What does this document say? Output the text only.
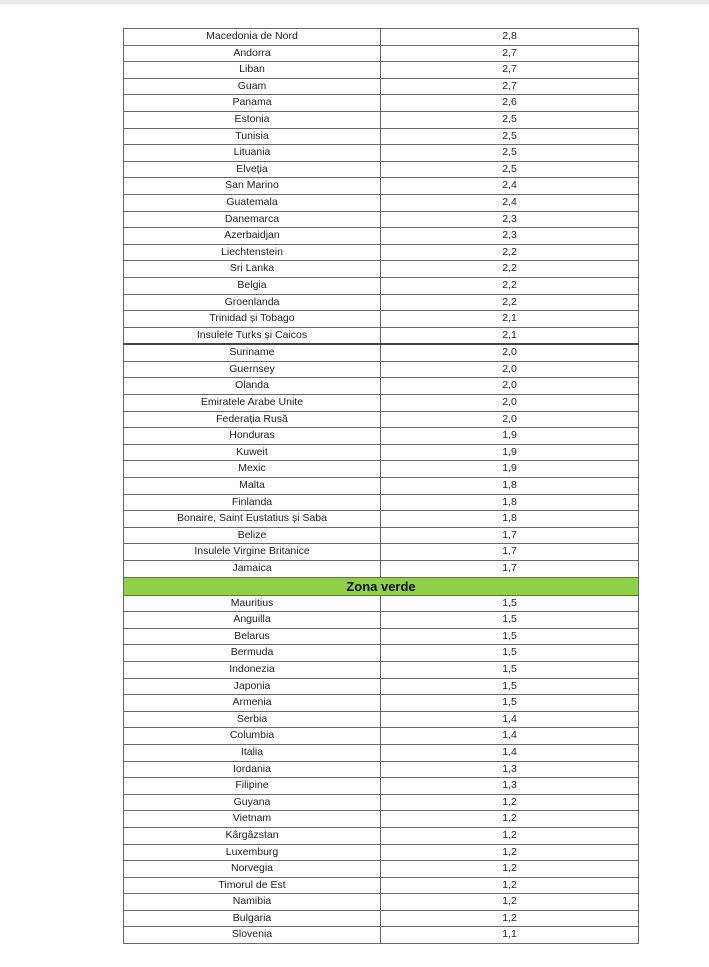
Macedonia de Nord	2,8
Andorra	2,7
Liban	2,7
Guam	2,7
Panama	2,6
Estonia	2,5
Tunisia	2,5
Lituania	2,5
Elveția	2,5
San Marino	2,4
Guatemala	2,4
Danemarca	2,3
Azerbaidjan	2,3
Liechtenstein	2,2
Sri Lanka	2,2
Belgia	2,2
Groenlanda	2,2
Trinidad și Tobago	2,1
Insulele Turks și Caicos	2,1
Suriname	2,0
Guernsey	2,0
Olanda	2,0
Emiratele Arabe Unite	2,0
Federația Rusă	2,0
Honduras	1,9
Kuweit	1,9
Mexic	1,9
Malta	1,8
Finlanda	1,8
Bonaire, Saint Eustatius și Saba	1,8
Belize	1,7
Insulele Virgine Britanice	1,7
Jamaica	1,7
Zona verde	
Mauritius	1,5
Anguilla	1,5
Belarus	1,5
Bermuda	1,5
Indonezia	1,5
Japonia	1,5
Armenia	1,5
Serbia	1,4
Columbia	1,4
Italia	1,4
Iordania	1,3
Filipine	1,3
Guyana	1,2
Vietnam	1,2
Kârgâzstan	1,2
Luxemburg	1,2
Norvegia	1,2
Timorul de Est	1,2
Namibia	1,2
Bulgaria	1,2
Slovenia	1,1
